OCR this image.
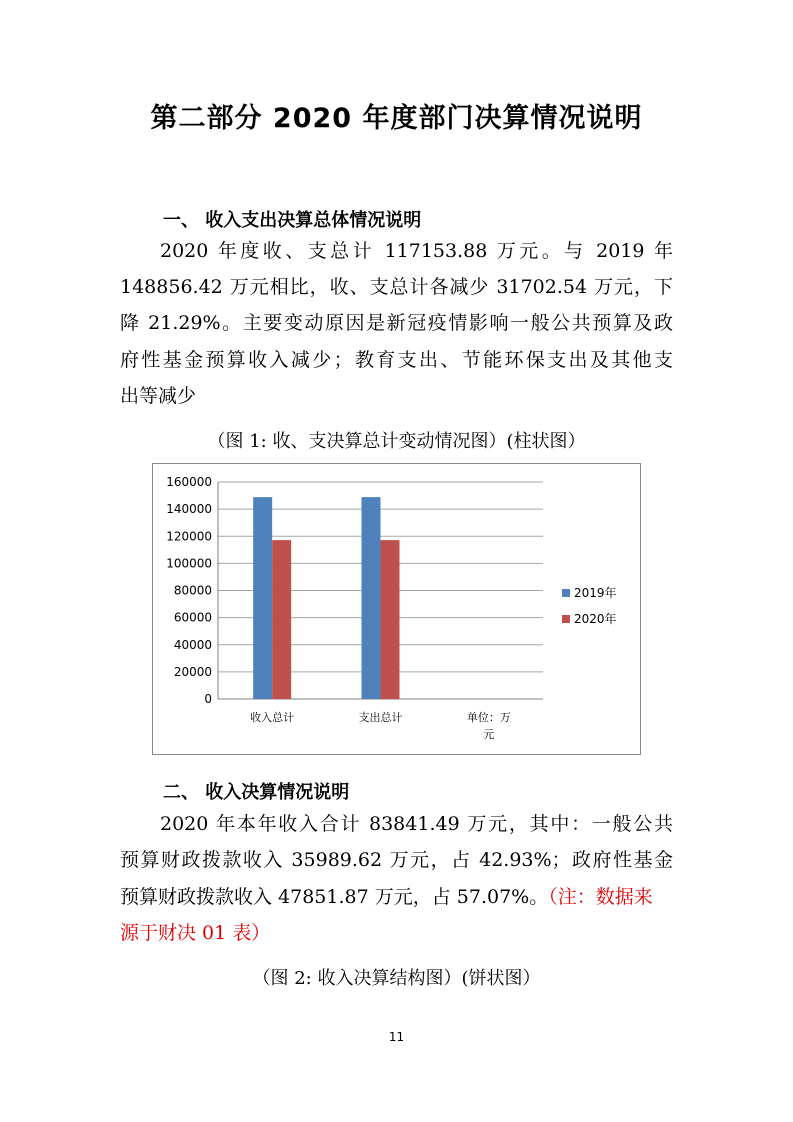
第二部分 2020 年度部门决算情况说明
一、 收入支出决算总体情况说明
2020 年度收、支总计 117153.88 万元。与 2019 年
148856.42 万元相比，收、支总计各减少 31702.54 万元，下
降 21.29%。主要变动原因是新冠疫情影响一般公共预算及政
府性基金预算收入减少；教育支出、节能环保支出及其他支
出等减少
（图 1: 收、支决算总计变动情况图）(柱状图）
0
20000
40000
60000
80000
100000
120000
140000
160000
收入总计	支出总计	单位：万元
2019年
2020年
二、 收入决算情况说明
2020 年本年收入合计 83841.49 万元，其中：一般公共
预算财政拨款收入 35989.62 万元，占 42.93%；政府性基金
预算财政拨款收入 47851.87 万元，占 57.07%。（注：数据来
源于财决 01 表）
（图 2: 收入决算结构图）(饼状图）
11
